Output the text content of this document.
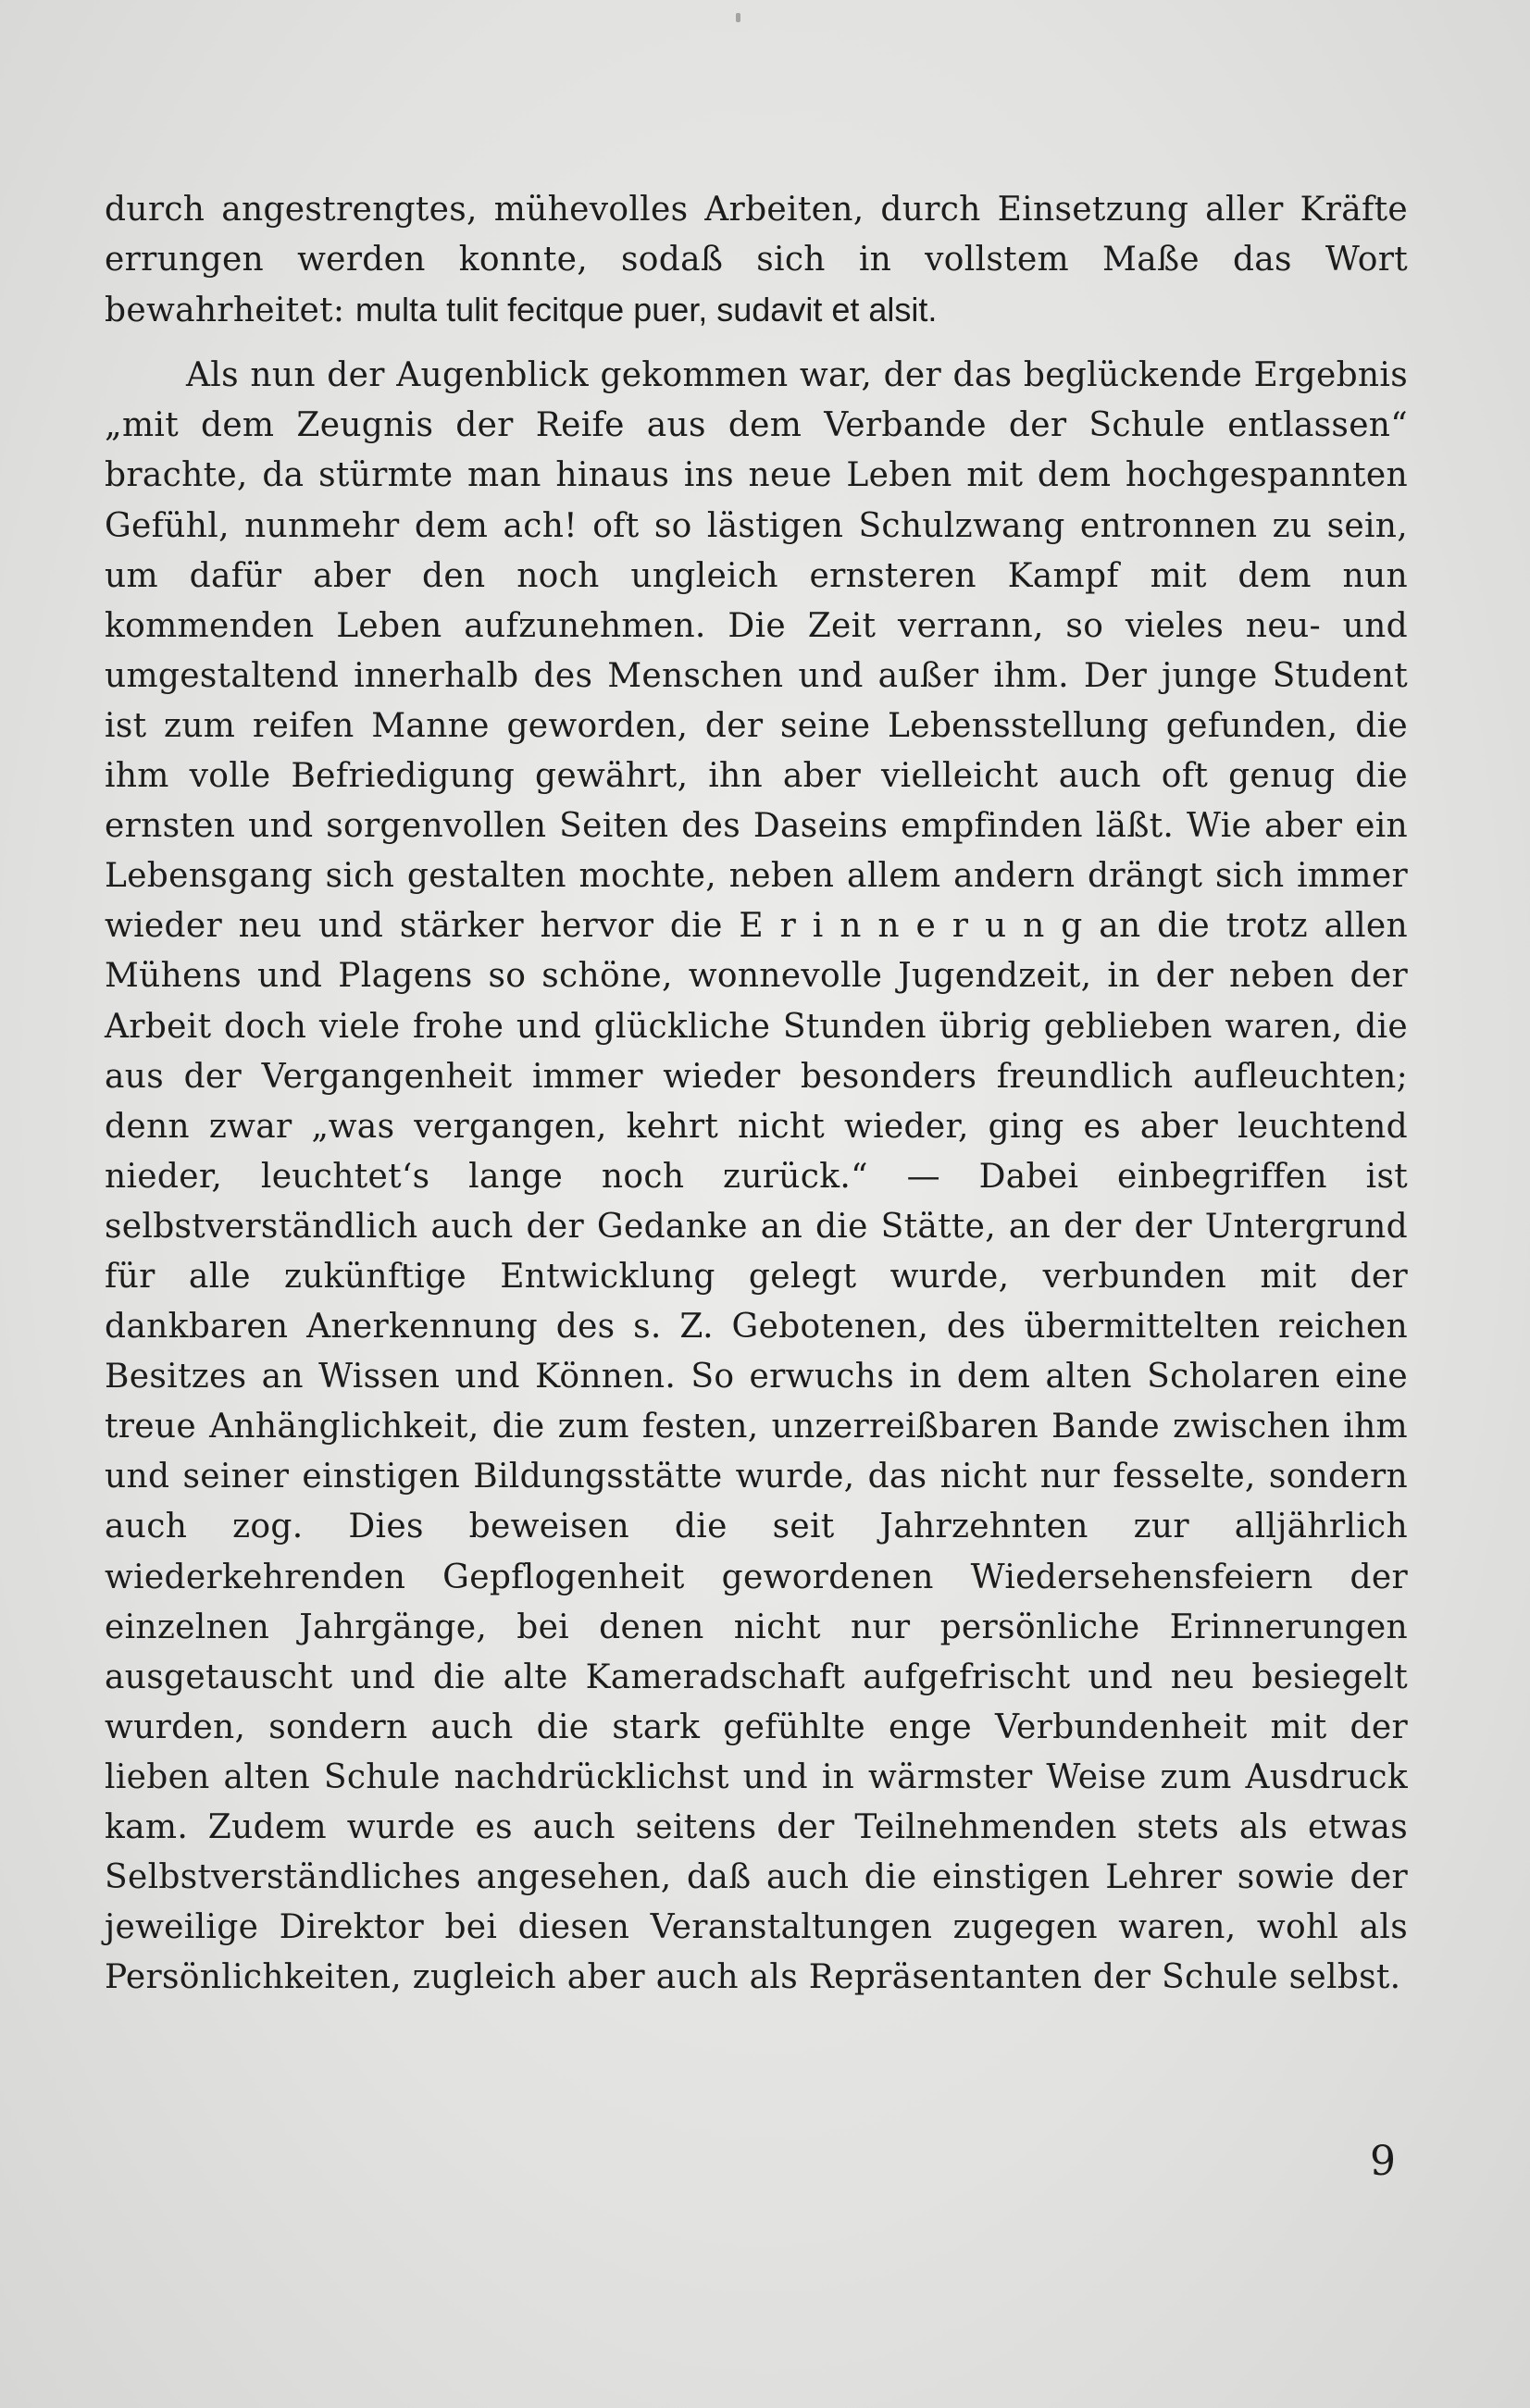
durch angestrengtes, mühevolles Arbeiten, durch Einsetzung aller Kräfte errungen werden konnte, sodaß sich in vollstem Maße das Wort bewahrheitet: multa tulit fecitque puer, sudavit et alsit.

Als nun der Augenblick gekommen war, der das beglückende Ergebnis „mit dem Zeugnis der Reife aus dem Verbande der Schule entlassen“ brachte, da stürmte man hinaus ins neue Leben mit dem hochgespannten Gefühl, nunmehr dem ach! oft so lästigen Schulzwang entronnen zu sein, um dafür aber den noch ungleich ernsteren Kampf mit dem nun kommenden Leben aufzunehmen. Die Zeit verrann, so vieles neu- und umgestaltend innerhalb des Menschen und außer ihm. Der junge Student ist zum reifen Manne geworden, der seine Lebensstellung gefunden, die ihm volle Befriedigung gewährt, ihn aber vielleicht auch oft genug die ernsten und sorgenvollen Seiten des Daseins empfinden läßt. Wie aber ein Lebensgang sich gestalten mochte, neben allem andern drängt sich immer wieder neu und stärker hervor die E r i n n e r u n g an die trotz allen Mühens und Plagens so schöne, wonnevolle Jugendzeit, in der neben der Arbeit doch viele frohe und glückliche Stunden übrig geblieben waren, die aus der Vergangenheit immer wieder besonders freundlich aufleuchten; denn zwar „was vergangen, kehrt nicht wieder, ging es aber leuchtend nieder, leuchtet‘s lange noch zurück.“ — Dabei einbegriffen ist selbstverständlich auch der Gedanke an die Stätte, an der der Untergrund für alle zukünftige Entwicklung gelegt wurde, verbunden mit der dankbaren Anerkennung des s. Z. Gebotenen, des übermittelten reichen Besitzes an Wissen und Können. So erwuchs in dem alten Scholaren eine treue Anhänglichkeit, die zum festen, unzerreißbaren Bande zwischen ihm und seiner einstigen Bildungsstätte wurde, das nicht nur fesselte, sondern auch zog. Dies beweisen die seit Jahrzehnten zur alljährlich wiederkehrenden Gepflogenheit gewordenen Wiedersehensfeiern der einzelnen Jahrgänge, bei denen nicht nur persönliche Erinnerungen ausgetauscht und die alte Kameradschaft aufgefrischt und neu besiegelt wurden, sondern auch die stark gefühlte enge Verbundenheit mit der lieben alten Schule nachdrücklichst und in wärmster Weise zum Ausdruck kam. Zudem wurde es auch seitens der Teilnehmenden stets als etwas Selbstverständliches angesehen, daß auch die einstigen Lehrer sowie der jeweilige Direktor bei diesen Veranstaltungen zugegen waren, wohl als Persönlichkeiten, zugleich aber auch als Repräsentanten der Schule selbst.

9
